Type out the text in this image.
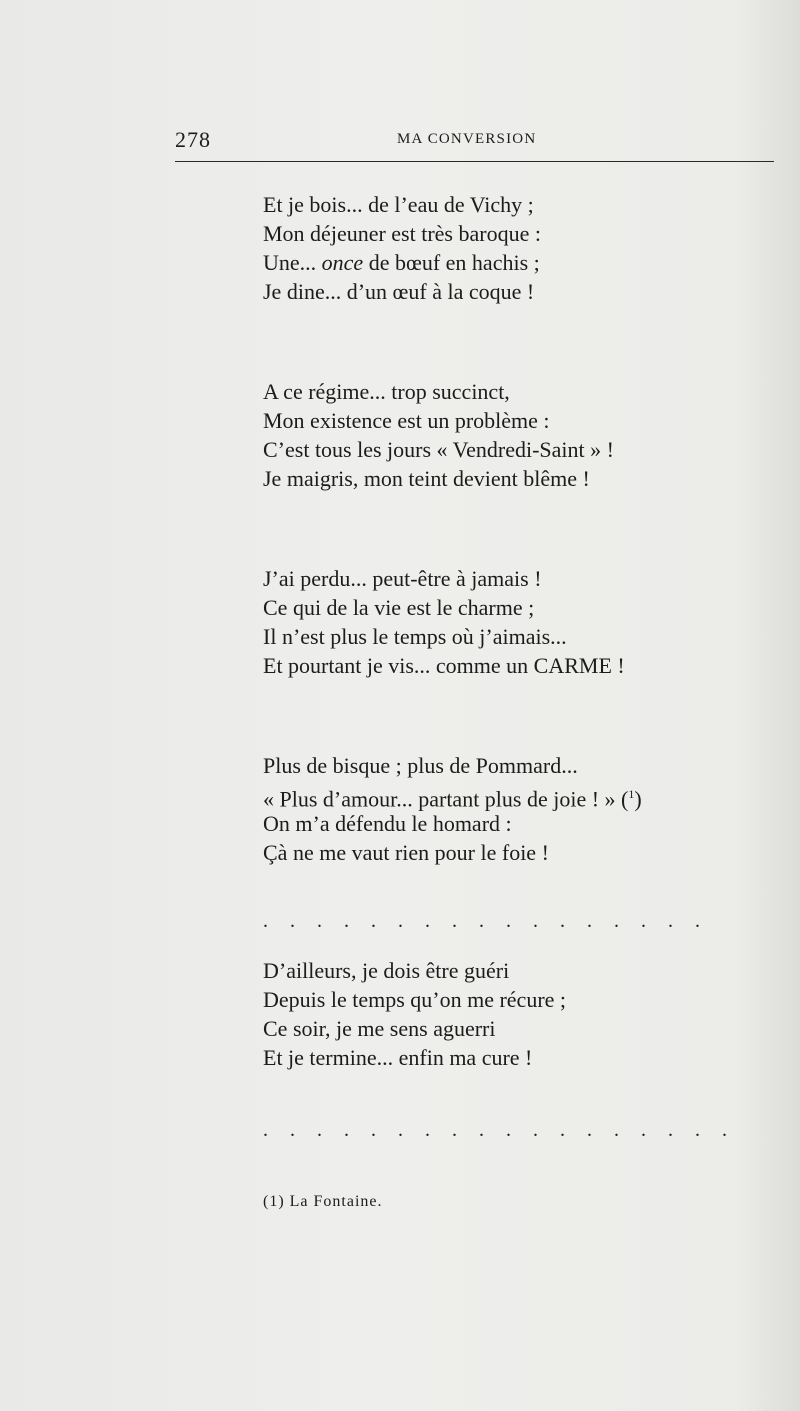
278	MA CONVERSION
Et je bois... de l’eau de Vichy ;
Mon déjeuner est très baroque :
Une... once de bœuf en hachis ;
Je dine... d’un œuf à la coque !
A ce régime... trop succinct,
Mon existence est un problème :
C’est tous les jours « Vendredi-Saint » !
Je maigris, mon teint devient blême !
J’ai perdu... peut-être à jamais !
Ce qui de la vie est le charme ;
Il n’est plus le temps où j’aimais...
Et pourtant je vis... comme un CARME !
Plus de bisque ; plus de Pommard...
« Plus d’amour... partant plus de joie ! » ($^1$)
On m’a défendu le homard :
Çà ne me vaut rien pour le foie !
. . . . . . . . . . . . . . . . .
D’ailleurs, je dois être guéri
Depuis le temps qu’on me récure ;
Ce soir, je me sens aguerri
Et je termine... enfin ma cure !
. . . . . . . . . . . . . . . . . .
(1) La Fontaine.
